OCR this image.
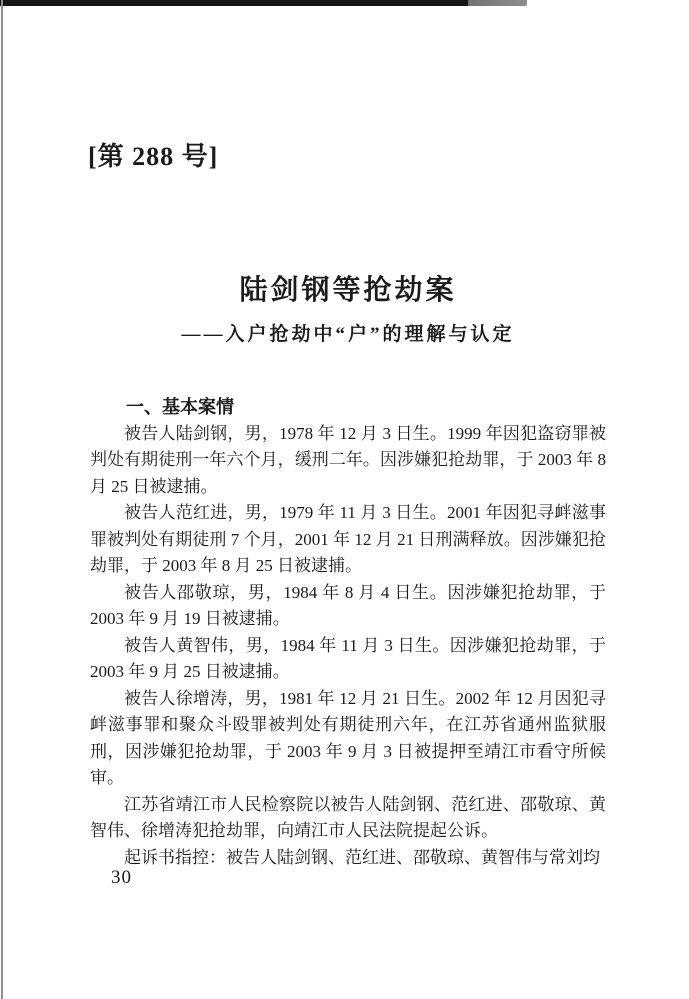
[第 288 号]
陆剑钢等抢劫案
——入户抢劫中“户”的理解与认定

一、基本案情

被告人陆剑钢，男，1978 年 12 月 3 日生。1999 年因犯盗窃罪被判处有期徒刑一年六个月，缓刑二年。因涉嫌犯抢劫罪，于 2003 年 8 月 25 日被逮捕。

被告人范红进，男，1979 年 11 月 3 日生。2001 年因犯寻衅滋事罪被判处有期徒刑 7 个月，2001 年 12 月 21 日刑满释放。因涉嫌犯抢劫罪，于 2003 年 8 月 25 日被逮捕。

被告人邵敬琼，男，1984 年 8 月 4 日生。因涉嫌犯抢劫罪，于 2003 年 9 月 19 日被逮捕。

被告人黄智伟，男，1984 年 11 月 3 日生。因涉嫌犯抢劫罪，于 2003 年 9 月 25 日被逮捕。

被告人徐增涛，男，1981 年 12 月 21 日生。2002 年 12 月因犯寻衅滋事罪和聚众斗殴罪被判处有期徒刑六年，在江苏省通州监狱服刑，因涉嫌犯抢劫罪，于 2003 年 9 月 3 日被提押至靖江市看守所候审。

江苏省靖江市人民检察院以被告人陆剑钢、范红进、邵敬琼、黄智伟、徐增涛犯抢劫罪，向靖江市人民法院提起公诉。

起诉书指控：被告人陆剑钢、范红进、邵敬琼、黄智伟与常刘均

30
